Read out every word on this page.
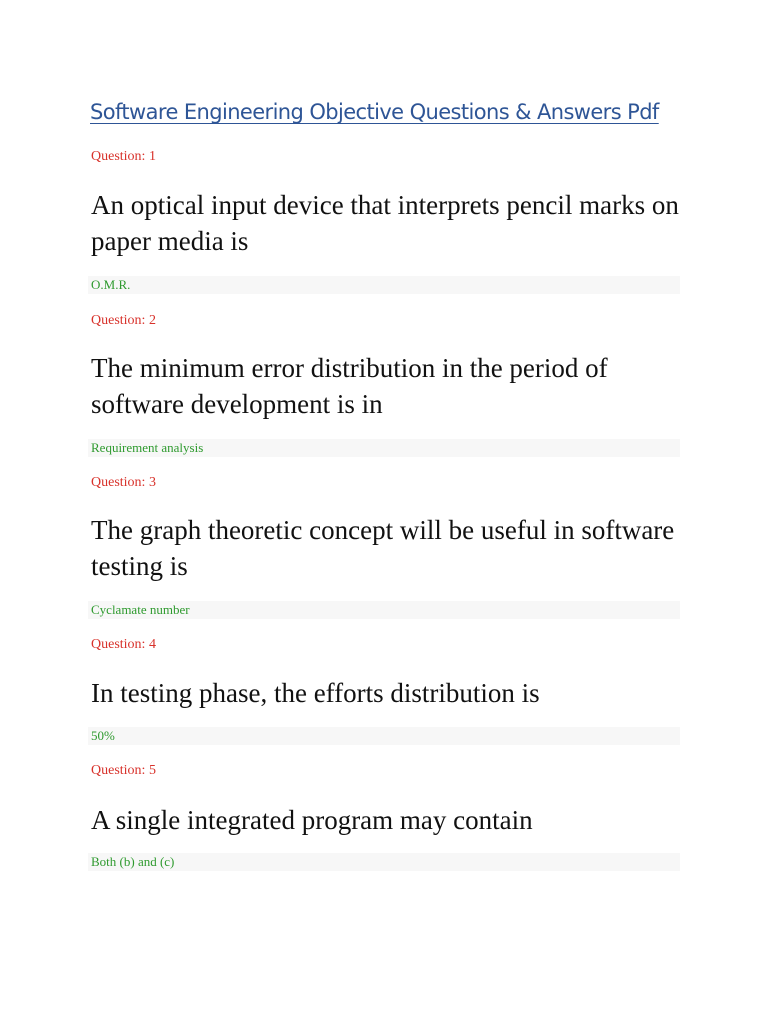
Software Engineering Objective Questions & Answers Pdf

Question: 1

An optical input device that interprets pencil marks on paper media is

O.M.R.

Question: 2

The minimum error distribution in the period of software development is in

Requirement analysis

Question: 3

The graph theoretic concept will be useful in software testing is

Cyclamate number

Question: 4

In testing phase, the efforts distribution is

50%

Question: 5

A single integrated program may contain

Both (b) and (c)
